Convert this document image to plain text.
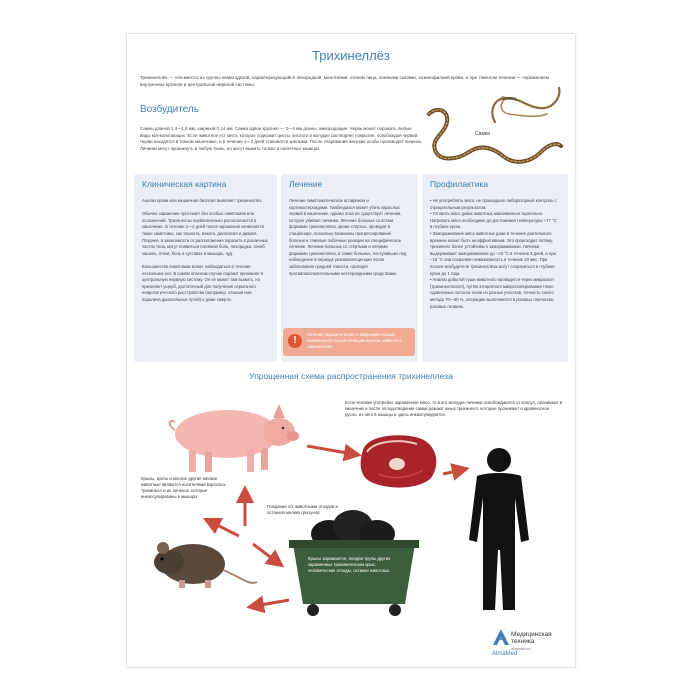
Трихинеллёз
Трихинеллёз — гельминтоз из группы нематодозов, характеризующийся лихорадкой, миалгиями, отеком лица, кожными сыпями, эозинофилией крови, а при тяжелом течении — поражением внутренних органов и центральной нервной системы.
Возбудитель
Самец длиной 1,4—1,6 мм, шириной 0,14 мм. Самка вдвое крупнее — 3—4 мм длины, живородящие. Червь может поражать любые виды млекопитающих. Если животное ест мясо, которое содержит цисты, кислота в желудке растворяет покрытие, освобождая червей. Черви находятся в тонком кишечнике, и в течение 1—2 дней становятся зрелыми. После спаривания женские особи производят личинок. Личинки могут проникнуть в любую ткань, но могут выжить только в скелетных мышцах.
Самец
Самка
Клиническая картина
Анализ крови или мышечная биопсия выявляет трихинеллёз.

Обычно заражение протекает без особых симптомов или осложнений. Трихинеллы первоначально располагаются в кишечнике. В течение 1—2 дней после заражения начинаются такие симптомы, как тошнота, изжога, диспепсия и диарея. Позднее, в зависимости от расположения паразита в различных частях тела, могут появиться головная боль, лихорадка, озноб, кашель, отеки, боль в суставах и мышцах, зуд.

Большинство симптомов может наблюдаться в течение нескольких лет. В самом опасном случае паразит проникает в центральную нервную систему. Он не может там выжить, но причиняет ущерб, достаточный для получения серьёзного неврологического расстройства (например, атаксии или паралича дыхательных путей) и даже смерти.
Лечение
Лечение симптоматическое аспирином и кортикостероидами. Тиабендазол может убить взрослых червей в кишечнике, однако пока не существует лечения, которое убивает личинки. Лечение больных со всеми формами трихинеллёза, кроме стёртых, проводят в стационаре, поскольку возможны прогрессирование болезни и тяжелые побочные реакции на специфическое лечение. Лечение больных со стёртыми и лёгкими формами трихинеллёза, а также больных, поступивших под наблюдение в периоде реконвалесценции после заболевания средней тяжести, проводят противовоспалительными нестероидными средствами.
Профилактика
• Не употреблять мясо, не прошедшее лабораторный контроль с отрицательным результатом.
• Готовить мясо диких животных максимально тщательно. Нагревать мясо необходимо до достижения температуры +77 °С в глубине куска.
• Замораживание мяса животных даже в течение длительного времени может быть неэффективным. Это происходит потому, трихинелл более устойчивы к замораживанию. Личинки выдерживают замораживание до −23 °С в течение 3 дней, а при −16 °С они сохраняют инвазионность в течение 20 мес. При посоле возбудители трихинеллёза могут сохраниться в глубине куска до 1 года.
• Анализ добытой туши животного проводится через микроскоп (трихинеллоскоп), путём 24-кратного микроскопирования тонко сдавленных полосок ткани из разных участков, точность такого метода 70—80 %, операцию выполняется в розовых перчатках, разовых лезвиях.
!
Лечение паразитических и медикаментозные назначаются только лечащим врачом, избегайте самолечения
Упрощенная схема распространения трихинеллеза
Если человек употребит зараженное мясо, то в его желудке личинки освобождаются от капсул, проникают в кишечник и после оплодотворения самки рожают юных трихинелл, которые проникают в кровеносное русло, из него в мышцы и здесь инкапсулируются.
Крысы, кроты и многие другие мелкие животные являются носителями взрослых трихинелл и их личинок, которые инкапсулированы в мышцах
Поедание с/х животными отходов и останков мелких грызунов
Крысы заражаются, поедая трупы других зараженных трихинеллезом крыс, человеческие отходы, останки животных.
AlmaMed
Медицинская
техника
almamed.su
